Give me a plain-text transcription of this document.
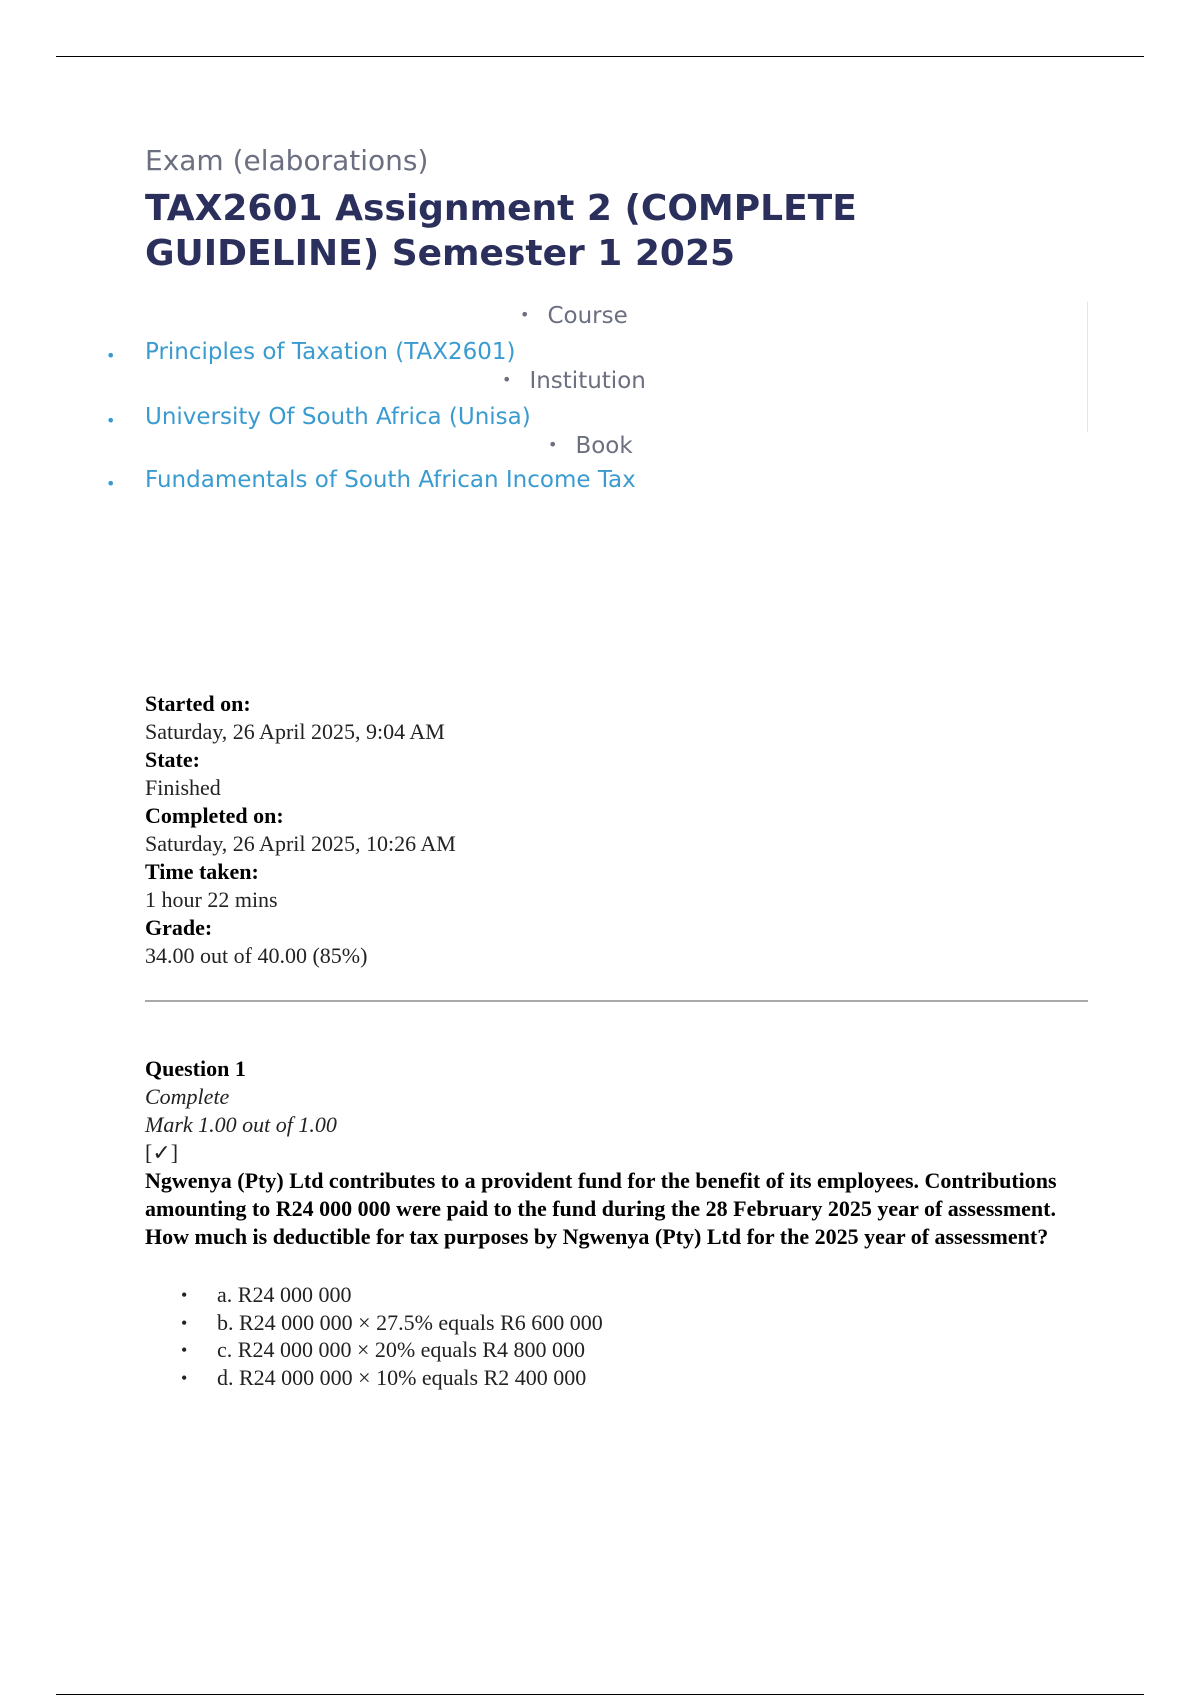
Exam (elaborations)
TAX2601 Assignment 2 (COMPLETE GUIDELINE) Semester 1 2025
• Course
• Principles of Taxation (TAX2601)
• Institution
• University Of South Africa (Unisa)
• Book
• Fundamentals of South African Income Tax
Started on:
Saturday, 26 April 2025, 9:04 AM
State:
Finished
Completed on:
Saturday, 26 April 2025, 10:26 AM
Time taken:
1 hour 22 mins
Grade:
34.00 out of 40.00 (85%)
Question 1
Complete
Mark 1.00 out of 1.00
[✓]

Ngwenya (Pty) Ltd contributes to a provident fund for the benefit of its employees. Contributions amounting to R24 000 000 were paid to the fund during the 28 February 2025 year of assessment. How much is deductible for tax purposes by Ngwenya (Pty) Ltd for the 2025 year of assessment?

• a. R24 000 000
• b. R24 000 000 × 27.5% equals R6 600 000
• c. R24 000 000 × 20% equals R4 800 000
• d. R24 000 000 × 10% equals R2 400 000
